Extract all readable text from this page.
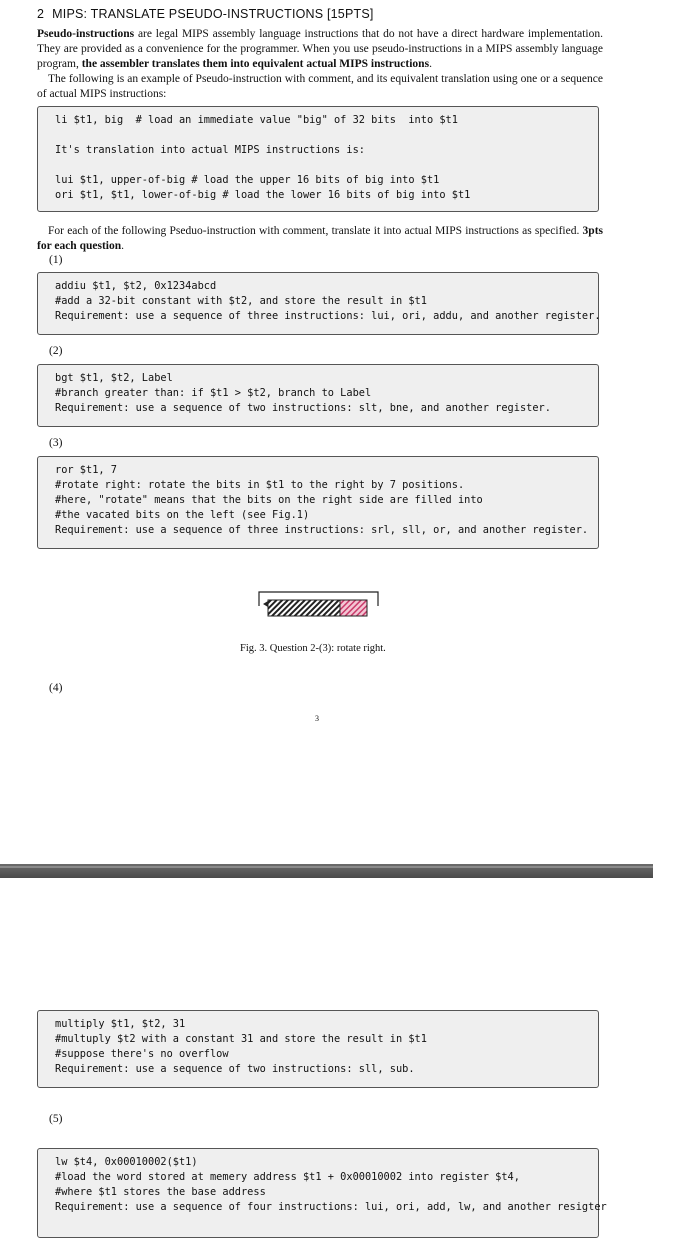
2 MIPS: TRANSLATE PSEUDO-INSTRUCTIONS [15PTS]
Pseudo-instructions are legal MIPS assembly language instructions that do not have a direct hardware implementation. They are provided as a convenience for the programmer. When you use pseudo-instructions in a MIPS assembly language program, the assembler translates them into equivalent actual MIPS instructions.
The following is an example of Pseudo-instruction with comment, and its equivalent translation using one or a sequence of actual MIPS instructions:
li $t1, big  # load an immediate value "big" of 32 bits  into $t1
It's translation into actual MIPS instructions is:
lui $t1, upper-of-big # load the upper 16 bits of big into $t1
ori $t1, $t1, lower-of-big # load the lower 16 bits of big into $t1
For each of the following Pseduo-instruction with comment, translate it into actual MIPS instructions as specified. 3pts for each question.
(1)
addiu $t1, $t2, 0x1234abcd
#add a 32-bit constant with $t2, and store the result in $t1
Requirement: use a sequence of three instructions: lui, ori, addu, and another register.
(2)
bgt $t1, $t2, Label
#branch greater than: if $t1 > $t2, branch to Label
Requirement: use a sequence of two instructions: slt, bne, and another register.
(3)
ror $t1, 7
#rotate right: rotate the bits in $t1 to the right by 7 positions.
#here, "rotate" means that the bits on the right side are filled into
#the vacated bits on the left (see Fig.1)
Requirement: use a sequence of three instructions: srl, sll, or, and another register.
Fig. 3. Question 2-(3): rotate right.
(4)
3
multiply $t1, $t2, 31
#multuply $t2 with a constant 31 and store the result in $t1
#suppose there's no overflow
Requirement: use a sequence of two instructions: sll, sub.
(5)
lw $t4, 0x00010002($t1)
#load the word stored at memery address $t1 + 0x00010002 into register $t4,
#where $t1 stores the base address
Requirement: use a sequence of four instructions: lui, ori, add, lw, and another resigter
